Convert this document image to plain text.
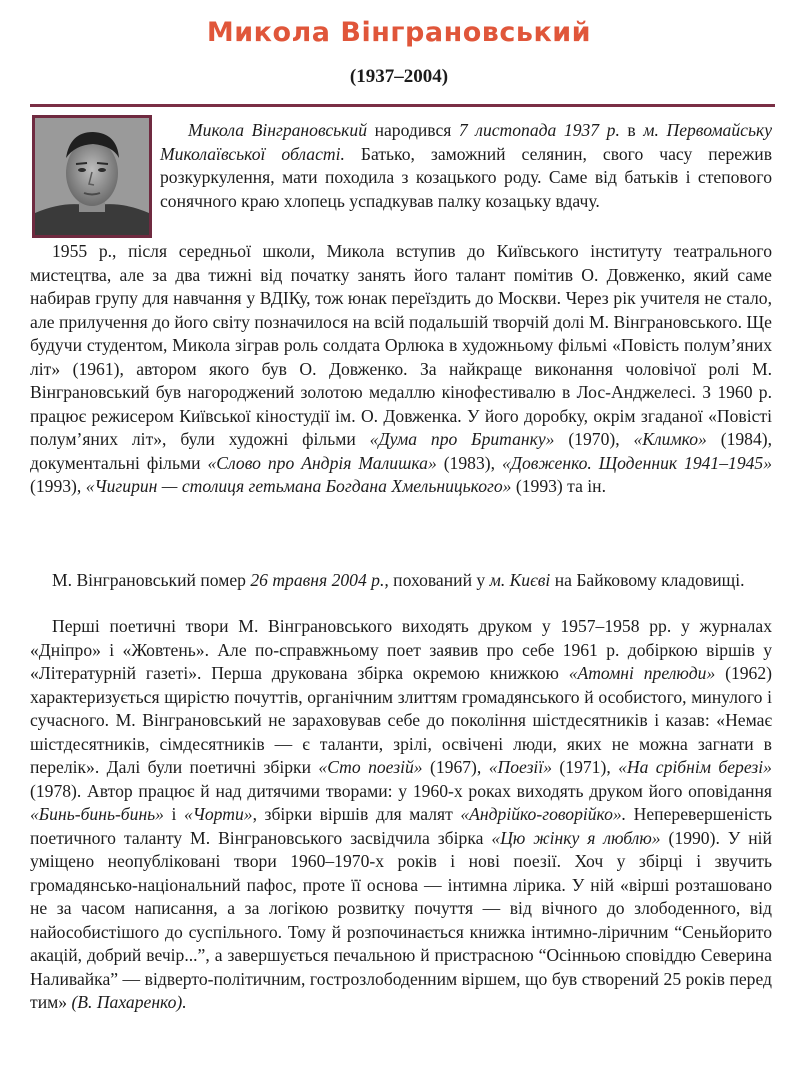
Микола Вінграновський
(1937–2004)

Микола Вінграновський народився 7 листопада 1937 р. в м. Первомайську Миколаївської області. Батько, заможний селянин, свого часу пережив розкуркулення, мати походила з козацького роду. Саме від батьків і степового сонячного краю хлопець успадкував палку козацьку вдачу.

1955 р., після середньої школи, Микола вступив до Київського інституту театрального мистецтва, але за два тижні від початку занять його талант помітив О. Довженко, який саме набирав групу для навчання у ВДІКу, тож юнак переїздить до Москви. Через рік учителя не стало, але прилучення до його світу позначилося на всій подальшій творчій долі М. Вінграновського. Ще будучи студентом, Микола зіграв роль солдата Орлюка в художньому фільмі «Повість полум’яних літ» (1961), автором якого був О. Довженко. За найкраще виконання чоловічої ролі М. Вінграновський був нагороджений золотою медаллю кінофестивалю в Лос-Анджелесі. З 1960 р. працює режисером Київської кіностудії ім. О. Довженка. У його доробку, окрім згаданої «Повісті полум’яних літ», були художні фільми «Дума про Британку» (1970), «Климко» (1984), документальні фільми «Слово про Андрія Малишка» (1983), «Довженко. Щоденник 1941–1945» (1993), «Чигирин — столиця гетьмана Богдана Хмельницького» (1993) та ін.

М. Вінграновський помер 26 травня 2004 р., похований у м. Києві на Байковому кладовищі.

Перші поетичні твори М. Вінграновського виходять друком у 1957–1958 рр. у журналах «Дніпро» і «Жовтень». Але по-справжньому поет заявив про себе 1961 р. добіркою віршів у «Літературній газеті». Перша друкована збірка окремою книжкою «Атомні прелюди» (1962) характеризується щирістю почуттів, органічним злиттям громадянського й особистого, минулого і сучасного. М. Вінграновський не зараховував себе до покоління шістдесятників і казав: «Немає шістдесятників, сімдесятників — є таланти, зрілі, освічені люди, яких не можна загнати в перелік». Далі були поетичні збірки «Сто поезій» (1967), «Поезії» (1971), «На срібнім березі» (1978). Автор працює й над дитячими творами: у 1960-х роках виходять друком його оповідання «Бинь-бинь-бинь» і «Чорти», збірки віршів для малят «Андрійко-говорійко». Неперевершеність поетичного таланту М. Вінграновського засвідчила збірка «Цю жінку я люблю» (1990). У ній уміщено неопубліковані твори 1960–1970-х років і нові поезії. Хоч у збірці і звучить громадянсько-національний пафос, проте її основа — інтимна лірика. У ній «вірші розташовано не за часом написання, а за логікою розвитку почуття — від вічного до злободенного, від найособистішого до суспільного. Тому й розпочинається книжка інтимно-ліричним “Сеньйорито акацій, добрий вечір...”, а завершується печальною й пристрасною “Осінньою сповіддю Северина Наливайка” — відверто-політичним, гострозлободенним віршем, що був створений 25 років перед тим» (В. Пахаренко).
